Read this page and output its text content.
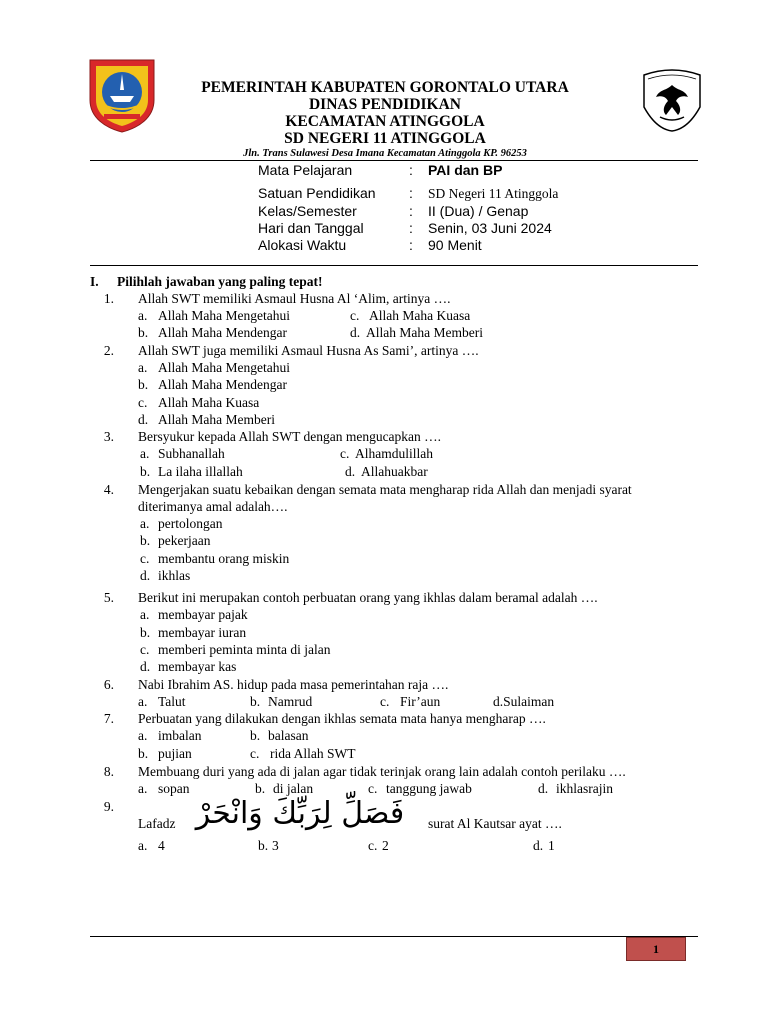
PEMERINTAH KABUPATEN GORONTALO UTARA
DINAS PENDIDIKAN
KECAMATAN ATINGGOLA
SD NEGERI 11 ATINGGOLA
Jln. Trans Sulawesi Desa Imana Kecamatan Atinggola KP. 96253
Mata Pelajaran	: PAI dan BP
Satuan Pendidikan : SD Negeri 11 Atinggola
Kelas/Semester	: II (Dua) / Genap
Hari dan Tanggal	: Senin, 03 Juni 2024
Alokasi Waktu	: 90 Menit
I. Pilihlah jawaban yang paling tepat!
1. Allah SWT memiliki Asmaul Husna Al ‘Alim, artinya ….
a. Allah Maha Mengetahui	c. Allah Maha Kuasa
b. Allah Maha Mendengar	d. Allah Maha Memberi
2. Allah SWT juga memiliki Asmaul Husna As Sami’, artinya ….
a. Allah Maha Mengetahui
b. Allah Maha Mendengar
c. Allah Maha Kuasa
d. Allah Maha Memberi
3. Bersyukur kepada Allah SWT dengan mengucapkan ….
a. Subhanallah	c. Alhamdulillah
b. La ilaha illallah	d. Allahuakbar
4. Mengerjakan suatu kebaikan dengan semata mata mengharap rida Allah dan menjadi syarat
diterimanya amal adalah….
a. pertolongan
b. pekerjaan
c. membantu orang miskin
d. ikhlas
5. Berikut ini merupakan contoh perbuatan orang yang ikhlas dalam beramal adalah ….
a. membayar pajak
b. membayar iuran
c. memberi peminta minta di jalan
d. membayar kas
6. Nabi Ibrahim AS. hidup pada masa pemerintahan raja ….
a. Talut	b. Namrud	c. Fir’aun	d.Sulaiman
7. Perbuatan yang dilakukan dengan ikhlas semata mata hanya mengharap ….
a. imbalan	b. balasan
b. pujian	c. rida Allah SWT
8. Membuang duri yang ada di jalan agar tidak terinjak orang lain adalah contoh perilaku ….
a. sopan	b. di jalan	c. tanggung jawab	d. ikhlasrajin
9.
Lafadz فَصَلِّ لِرَبِّكَ وَانْحَرْ	surat Al Kautsar ayat ….
a. 4	b. 3	c. 2	d. 1
1
